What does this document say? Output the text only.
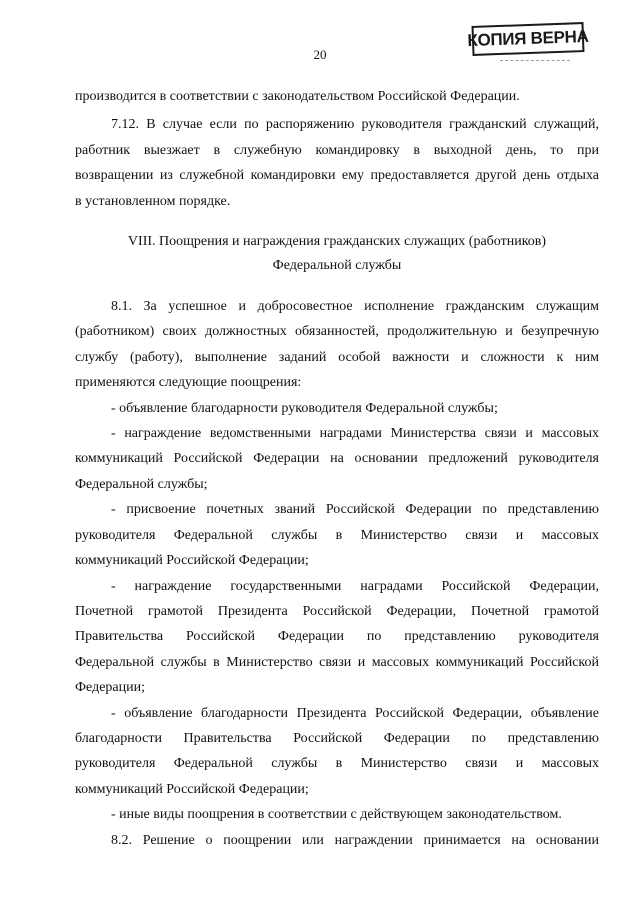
20
КОПИЯ ВЕРНА

производится в соответствии с законодательством Российской Федерации.

7.12. В случае если по распоряжению руководителя гражданский служащий,
работник выезжает в служебную командировку в выходной день, то при
возвращении из служебной командировки ему предоставляется другой день отдыха
в установленном порядке.

VIII. Поощрения и награждения гражданских служащих (работников)
Федеральной службы

8.1. За успешное и добросовестное исполнение гражданским служащим
(работником) своих должностных обязанностей, продолжительную и безупречную
службу (работу), выполнение заданий особой важности и сложности к ним
применяются следующие поощрения:

- объявление благодарности руководителя Федеральной службы;

- награждение ведомственными наградами Министерства связи и массовых
коммуникаций Российской Федерации на основании предложений руководителя
Федеральной службы;

- присвоение почетных званий Российской Федерации по представлению
руководителя Федеральной службы в Министерство связи и массовых
коммуникаций Российской Федерации;

- награждение государственными наградами Российской Федерации,
Почетной грамотой Президента Российской Федерации, Почетной грамотой
Правительства Российской Федерации по представлению руководителя
Федеральной службы в Министерство связи и массовых коммуникаций Российской
Федерации;

- объявление благодарности Президента Российской Федерации, объявление
благодарности Правительства Российской Федерации по представлению
руководителя Федеральной службы в Министерство связи и массовых
коммуникаций Российской Федерации;

- иные виды поощрения в соответствии с действующем законодательством.

8.2. Решение о поощрении или награждении принимается на основании
